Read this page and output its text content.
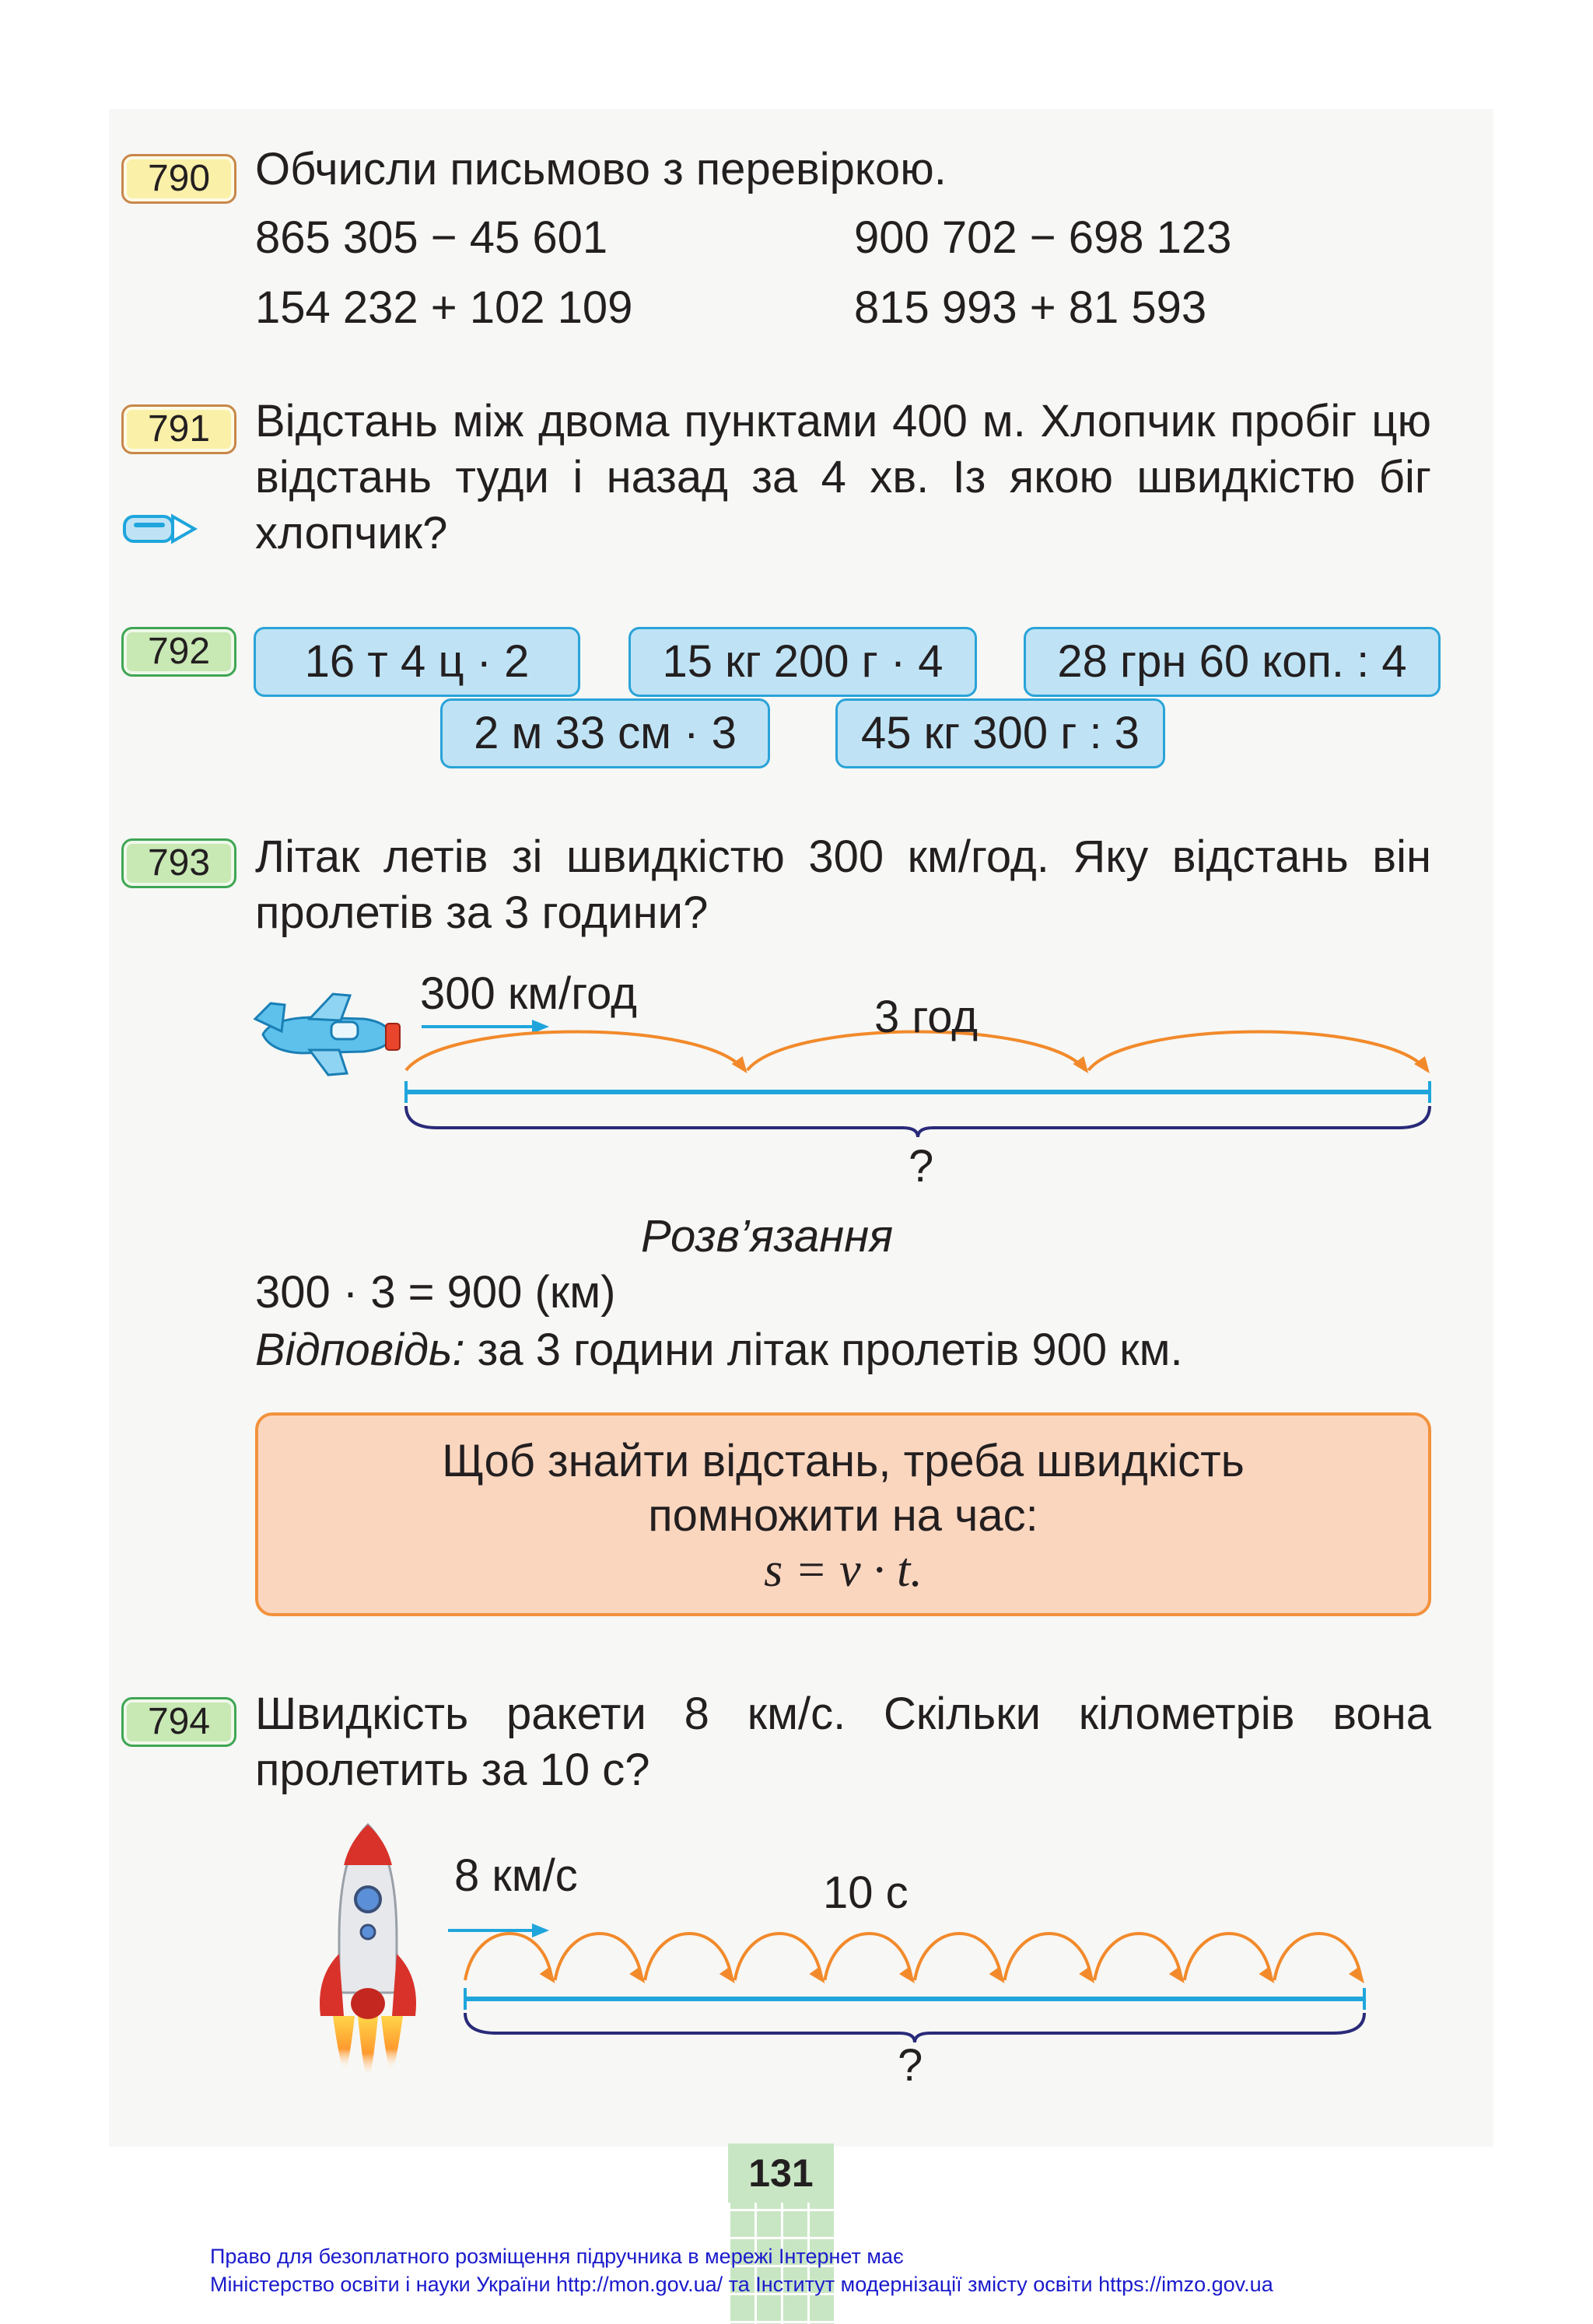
790 Обчисли письмово з перевіркою.
865 305 − 45 601	900 702 − 698 123
154 232 + 102 109	815 993 + 81 593
791 Відстань між двома пунктами 400 м. Хлопчик пробіг цю відстань туди і назад за 4 хв. Із якою швидкістю біг хлопчик?
792	16 т 4 ц · 2	15 кг 200 г · 4	28 грн 60 коп. : 4
2 м 33 см · 3	45 кг 300 г : 3
793 Літак летів зі швидкістю 300 км/год. Яку відстань він пролетів за 3 години?
300 км/год	3 год
?
Розв’язання
300 · 3 = 900 (км)
Відповідь: за 3 години літак пролетів 900 км.
Щоб знайти відстань, треба швидкість
помножити на час:
s = v · t.
794 Швидкість ракети 8 км/с. Скільки кілометрів вона пролетить за 10 с?
8 км/с	10 с
?
131
Право для безоплатного розміщення підручника в мережі Інтернет має
Міністерство освіти і науки України http://mon.gov.ua/ та Інститут модернізації змісту освіти https://imzo.gov.ua
